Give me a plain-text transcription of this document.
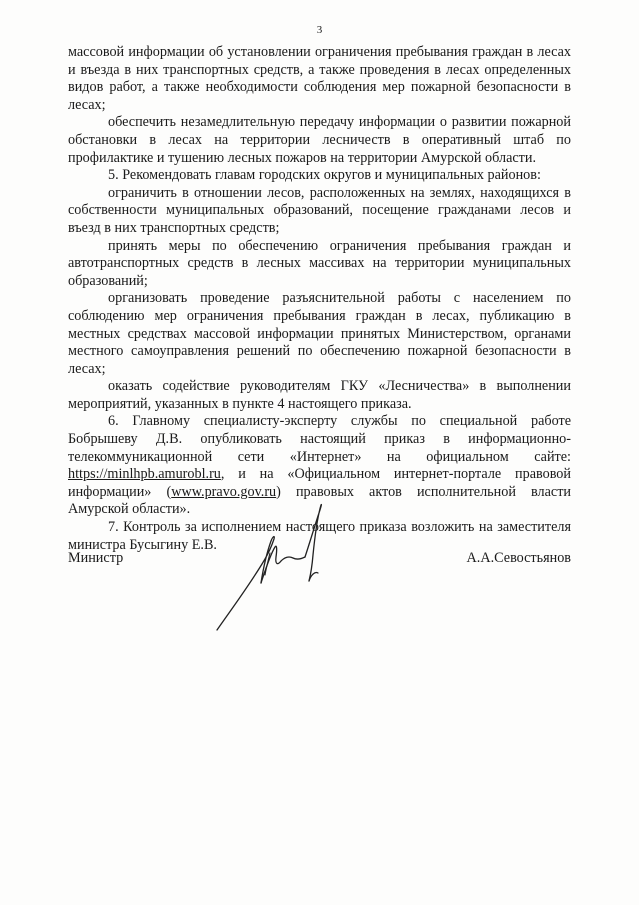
3

массовой информации об установлении ограничения пребывания граждан в лесах и въезда в них транспортных средств, а также проведения в лесах определенных видов работ, а также необходимости соблюдения мер пожарной безопасности в лесах;

обеспечить незамедлительную передачу информации о развитии пожарной обстановки в лесах на территории лесничеств в оперативный штаб по профилактике и тушению лесных пожаров на территории Амурской области.

5. Рекомендовать главам городских округов и муниципальных районов:

ограничить в отношении лесов, расположенных на землях, находящихся в собственности муниципальных образований, посещение гражданами лесов и въезд в них транспортных средств;

принять меры по обеспечению ограничения пребывания граждан и автотранспортных средств в лесных массивах на территории муниципальных образований;

организовать проведение разъяснительной работы с населением по соблюдению мер ограничения пребывания граждан в лесах, публикацию в местных средствах массовой информации принятых Министерством, органами местного самоуправления решений по обеспечению пожарной безопасности в лесах;

оказать содействие руководителям ГКУ «Лесничества» в выполнении мероприятий, указанных в пункте 4 настоящего приказа.

6. Главному специалисту-эксперту службы по специальной работе Бобрышеву Д.В. опубликовать настоящий приказ в информационно-телекоммуникационной сети «Интернет» на официальном сайте: https://minlhpb.amurobl.ru, и на «Официальном интернет-портале правовой информации» (www.pravo.gov.ru) правовых актов исполнительной власти Амурской области».

7. Контроль за исполнением настоящего приказа возложить на заместителя министра Бусыгину Е.В.

Министр	А.А.Севостьянов
